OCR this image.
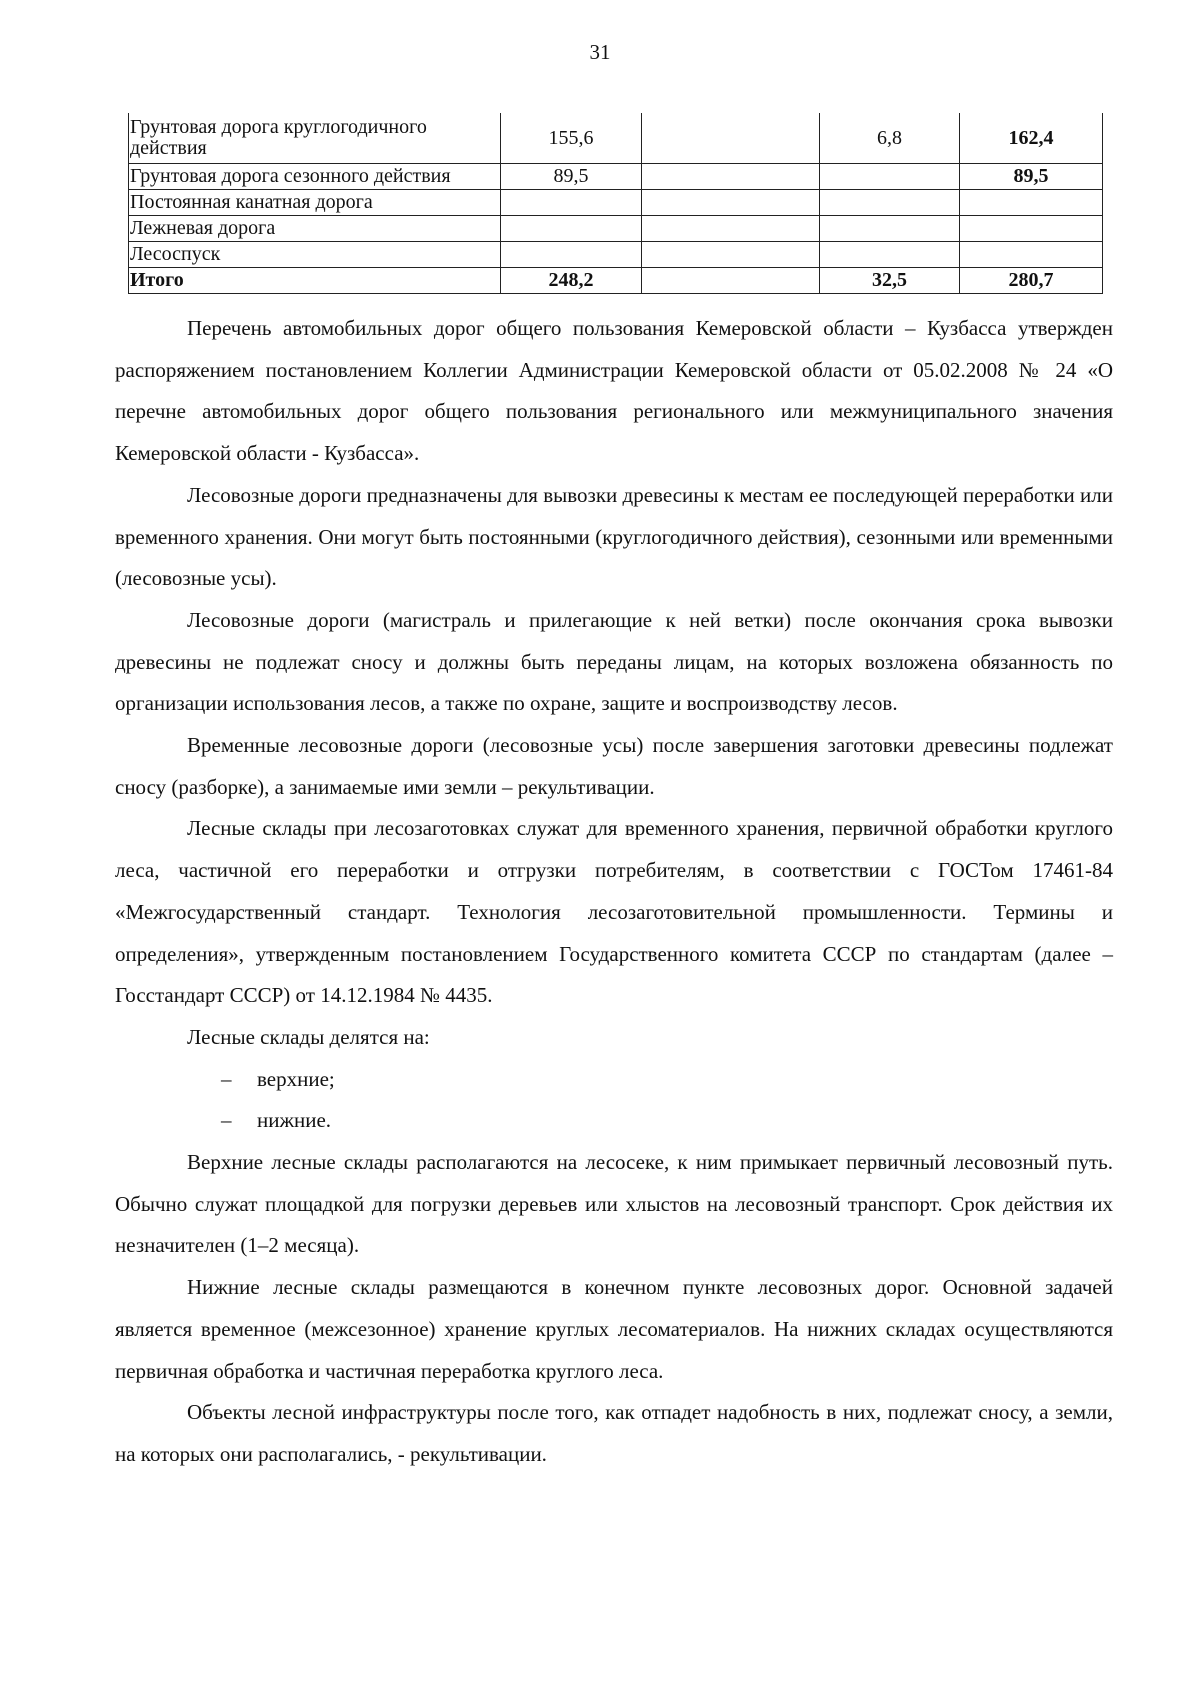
31
Грунтовая дорога круглогодичного действия	155,6		6,8	162,4
Грунтовая дорога сезонного действия	89,5			89,5
Постоянная канатная дорога				
Лежневая дорога				
Лесоспуск				
Итого	248,2		32,5	280,7

Перечень автомобильных дорог общего пользования Кемеровской области – Кузбасса утвержден распоряжением постановлением Коллегии Администрации Кемеровской области от 05.02.2008 № 24 «О перечне автомобильных дорог общего пользования регионального или межмуниципального значения Кемеровской области - Кузбасса».

Лесовозные дороги предназначены для вывозки древесины к местам ее последующей переработки или временного хранения. Они могут быть постоянными (круглогодичного действия), сезонными или временными (лесовозные усы).

Лесовозные дороги (магистраль и прилегающие к ней ветки) после окончания срока вывозки древесины не подлежат сносу и должны быть переданы лицам, на которых возложена обязанность по организации использования лесов, а также по охране, защите и воспроизводству лесов.

Временные лесовозные дороги (лесовозные усы) после завершения заготовки древесины подлежат сносу (разборке), а занимаемые ими земли – рекультивации.

Лесные склады при лесозаготовках служат для временного хранения, первичной обработки круглого леса, частичной его переработки и отгрузки потребителям, в соответствии с ГОСТом 17461-84 «Межгосударственный стандарт. Технология лесозаготовительной промышленности. Термины и определения», утвержденным постановлением Государственного комитета СССР по стандартам (далее – Госстандарт СССР) от 14.12.1984 № 4435.

Лесные склады делятся на:

– верхние;
– нижние.

Верхние лесные склады располагаются на лесосеке, к ним примыкает первичный лесовозный путь. Обычно служат площадкой для погрузки деревьев или хлыстов на лесовозный транспорт. Срок действия их незначителен (1–2 месяца).

Нижние лесные склады размещаются в конечном пункте лесовозных дорог. Основной задачей является временное (межсезонное) хранение круглых лесоматериалов. На нижних складах осуществляются первичная обработка и частичная переработка круглого леса.

Объекты лесной инфраструктуры после того, как отпадет надобность в них, подлежат сносу, а земли, на которых они располагались, - рекультивации.
